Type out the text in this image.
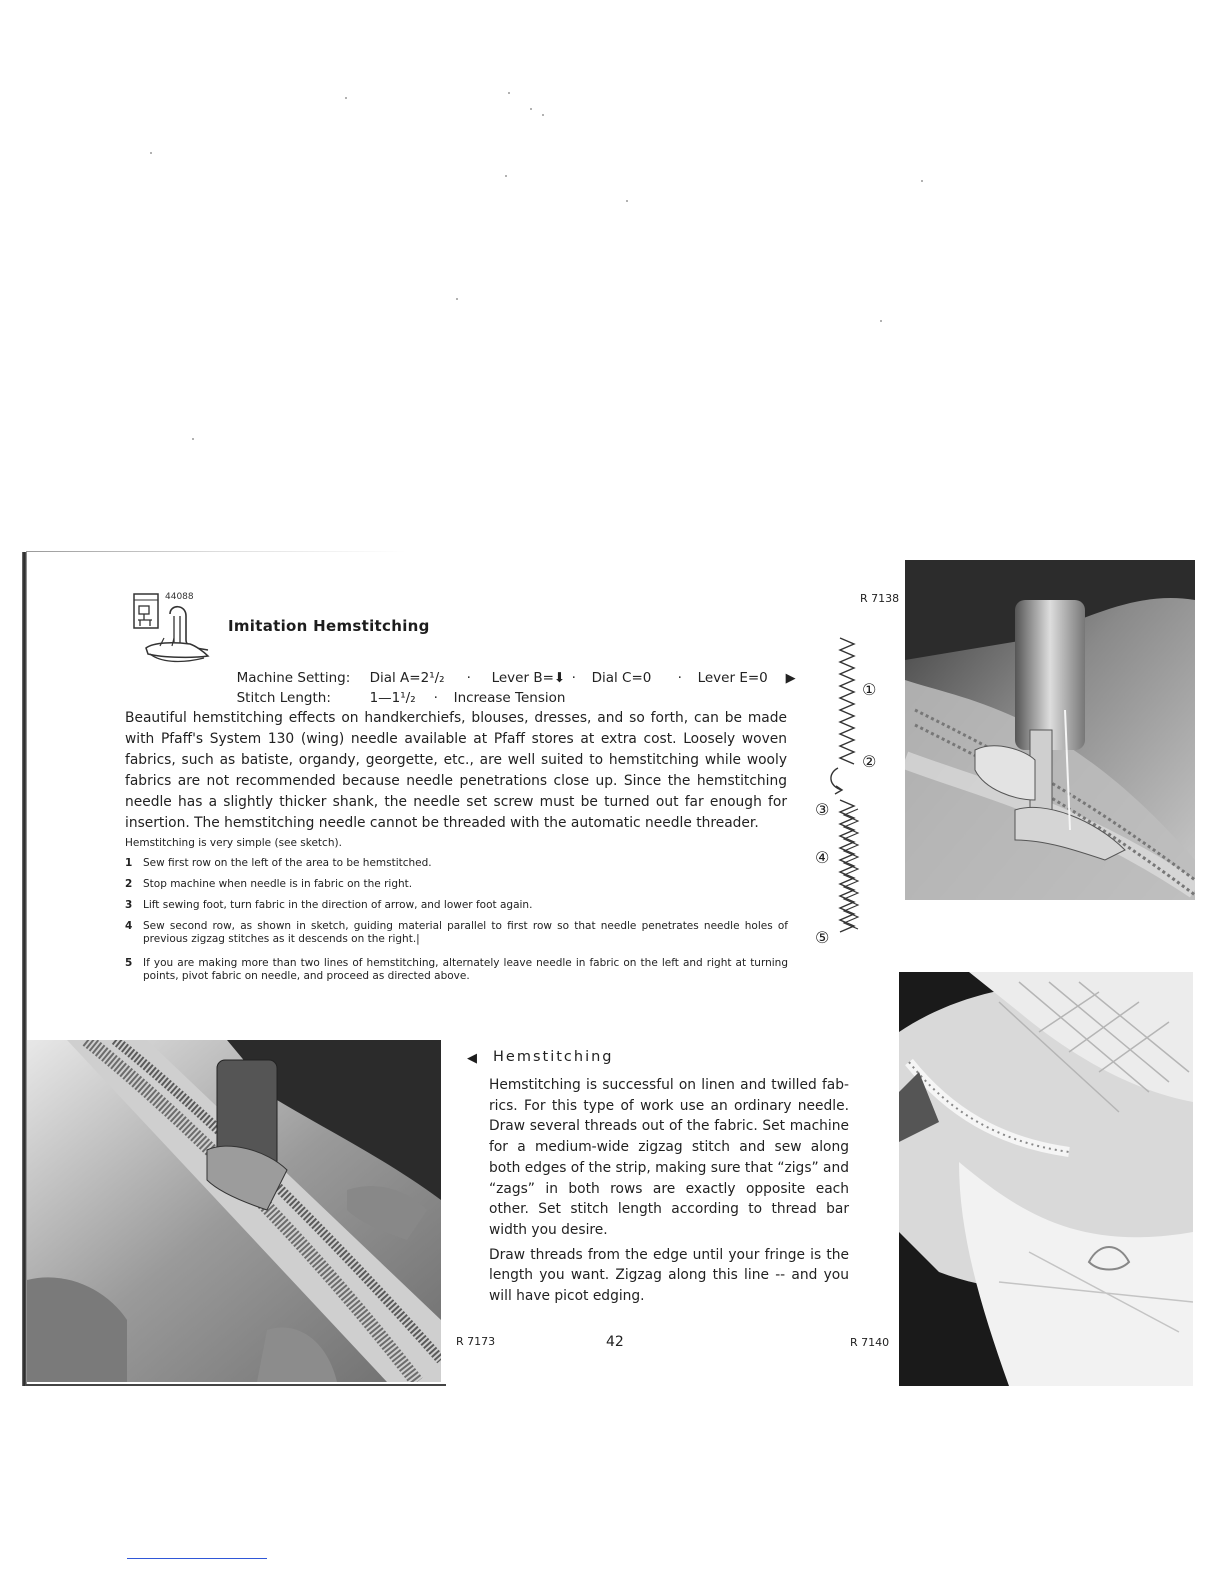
44088
Imitation Hemstitching

Machine Setting: Dial A=2¹/₂ · Lever B=⬇ · Dial C=0 · Lever E=0 ▶

Stitch Length:	1—1¹/₂ · Increase Tension

Beautiful hemstitching effects on handkerchiefs, blouses, dresses, and so forth, can be made with Pfaff's System 130 (wing) needle available at Pfaff stores at extra cost. Loosely woven fabrics, such as batiste, organdy, georgette, etc., are well suited to hemstitching while wooly fabrics are not recommended because needle penetrations close up. Since the hemstitching needle has a slightly thicker shank, the needle set screw must be turned out far enough for insertion. The hemstitching needle cannot be threaded with the automatic needle threader.

Hemstitching is very simple (see sketch).
1	Sew first row on the left of the area to be hemstitched.
2	Stop machine when needle is in fabric on the right.
3	Lift sewing foot, turn fabric in the direction of arrow, and lower foot again.
4	Sew second row, as shown in sketch, guiding material parallel to first row so that needle penetrates needle holes of previous zigzag stitches as it descends on the right.|
5	If you are making more than two lines of hemstitching, alternately leave needle in fabric on the left and right at turning points, pivot fabric on needle, and proceed as directed above.
①
②
③
④
⑤
R 7138
R 7173
◀ Hemstitching

Hemstitching is successful on linen and twilled fab-rics. For this type of work use an ordinary needle. Draw several threads out of the fabric. Set machine for a medium-wide zigzag stitch and sew along both edges of the strip, making sure that “zigs” and “zags” in both rows are exactly opposite each other. Set stitch length according to thread bar width you desire.

Draw threads from the edge until your fringe is the length you want. Zigzag along this line -- and you will have picot edging.

42	R 7140
